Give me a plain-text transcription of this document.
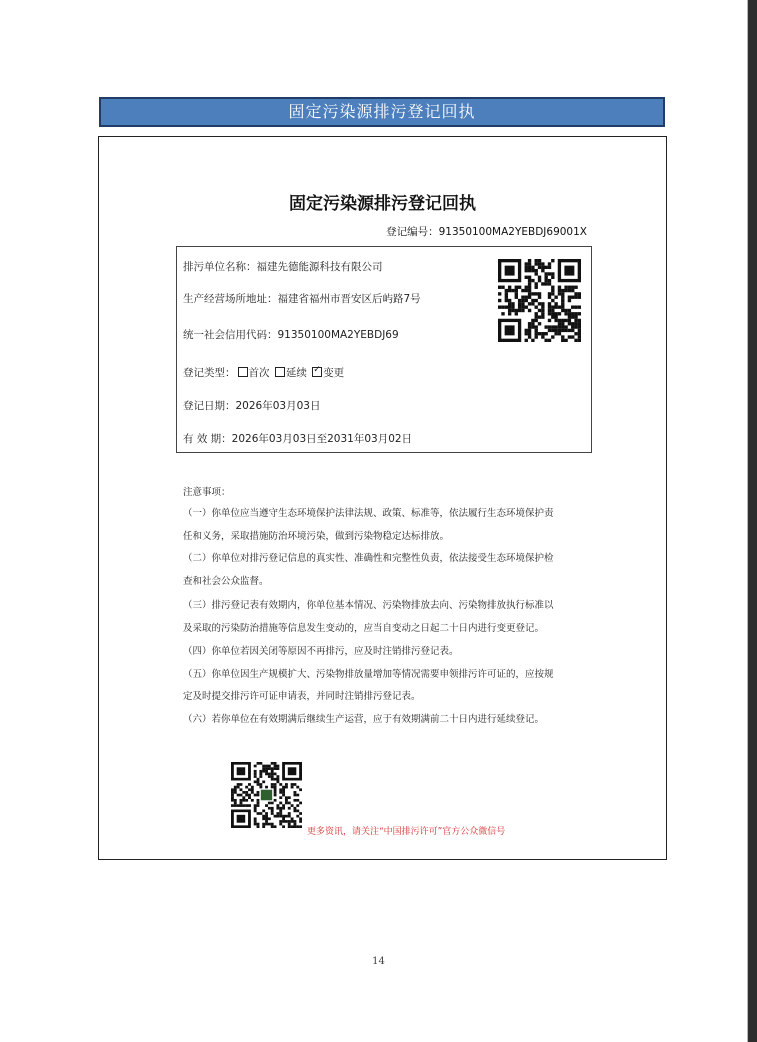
固定污染源排污登记回执
固定污染源排污登记回执
登记编号：91350100MA2YEBDJ69001X
排污单位名称：福建先德能源科技有限公司
生产经营场所地址：福建省福州市晋安区后屿路7号
统一社会信用代码：91350100MA2YEBDJ69
登记类型： 首次 延续 ✓ 变更
登记日期：2026年03月03日
有 效 期：2026年03月03日至2031年03月02日
注意事项：
（一）你单位应当遵守生态环境保护法律法规、政策、标准等，依法履行生态环境保护责
任和义务，采取措施防治环境污染，做到污染物稳定达标排放。
（二）你单位对排污登记信息的真实性、准确性和完整性负责，依法接受生态环境保护检
查和社会公众监督。
（三）排污登记表有效期内，你单位基本情况、污染物排放去向、污染物排放执行标准以
及采取的污染防治措施等信息发生变动的，应当自变动之日起二十日内进行变更登记。
（四）你单位若因关闭等原因不再排污，应及时注销排污登记表。
（五）你单位因生产规模扩大、污染物排放量增加等情况需要申领排污许可证的，应按规
定及时提交排污许可证申请表，并同时注销排污登记表。
（六）若你单位在有效期满后继续生产运营，应于有效期满前二十日内进行延续登记。
更多资讯，请关注“中国排污许可”官方公众微信号
14
